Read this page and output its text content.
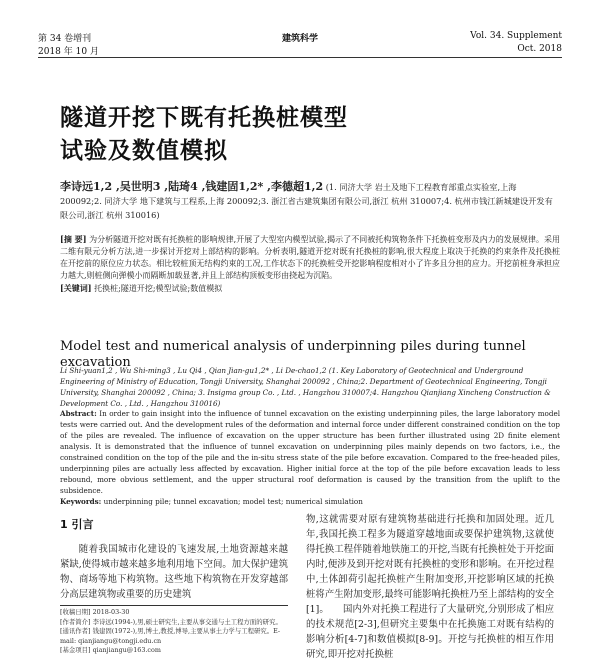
第 34 卷增刊
2018 年 10 月
建筑科学	Vol. 34. Supplement
Oct. 2018
隧道开挖下既有托换桩模型
试验及数值模拟
李诗远1,2 ,吴世明3 ,陆琦4 ,钱建固1,2* ,李德超1,2 (1. 同济大学 岩土及地下工程教育部重点实验室,上海 200092;2. 同济大学 地下建筑与工程系,上海 200092;3. 浙江省古建筑集团有限公司,浙江 杭州 310007;4. 杭州市钱江新城建设开发有限公司,浙江 杭州 310016)
[摘 要] 为分析隧道开挖对既有托换桩的影响规律,开展了大型室内模型试验,揭示了不同被托构筑物条件下托换桩变形及内力的发展规律。采用二维有限元分析方法,进一步探讨开挖对上部结构的影响。分析表明,隧道开挖对既有托换桩的影响,很大程度上取决于托换的约束条件及托换桩在开挖前的原位应力状态。相比较桩顶无结构约束的工况,工作状态下的托换桩受开挖影响程度相对小了许多且分担的应力。开挖前桩身承担应力越大,则桩侧向弹模小而隔断加载显著,并且上部结构顶板变形由挠起为沉陷。
[关键词] 托换桩;隧道开挖;模型试验;数值模拟
Model test and numerical analysis of underpinning piles during tunnel excavation
Li Shi-yuan1,2 , Wu Shi-ming3 , Lu Qi4 , Qian Jian-gu1,2* , Li De-chao1,2 (1. Key Laboratory of Geotechnical and Underground Engineering of Ministry of Education, Tongji University, Shanghai 200092 , China;2. Department of Geotechnical Engineering, Tongji University, Shanghai 200092 , China; 3. Insigma group Co. , Ltd. , Hangzhou 310007;4. Hangzhou Qianjiang Xincheng Construction & Development Co. , Ltd. , Hangzhou 310016)
Abstract: In order to gain insight into the influence of tunnel excavation on the existing underpinning piles, the large laboratory model tests were carried out. And the development rules of the deformation and internal force under different constrained condition on the top of the piles are revealed. The influence of excavation on the upper structure has been further illustrated using 2D finite element analysis. It is demonstrated that the influence of tunnel excavation on underpinning piles mainly depends on two factors, i.e., the constrained condition on the top of the pile and the in-situ stress state of the pile before excavation. Compared to the free-headed piles, underpinning piles are actually less affected by excavation. Higher initial force at the top of the pile before excavation leads to less rebound, more obvious settlement, and the upper structural roof deformation is caused by the transition from the uplift to the subsidence.
Keywords: underpinning pile; tunnel excavation; model test; numerical simulation
1 引言
随着我国城市化建设的飞速发展,土地资源越来越紧缺,使得城市越来越多地利用地下空间。加大保护建筑物、商场等地下构筑物。这些地下构筑物在开发穿越部分高层建筑物或重要的历史建筑
物,这就需要对原有建筑物基础进行托换和加固处理。近几年,我国托换工程多为隧道穿越地面或要保护建筑物,这就使得托换工程伴随着地铁施工的开挖,当既有托换桩处于开挖面内时,便涉及到开挖对既有托换桩的变形和影响。在开挖过程中,土体卸荷引起托换桩产生附加变形,开挖影响区域的托换桩将产生附加变形,最终可能影响托换桩乃至上部结构的安全[1]。　　国内外对托换工程进行了大量研究,分别形成了相应的技术规范[2-3],但研究主要集中在托换施工对既有结构的影响分析[4-7]和数值模拟[8-9]。开挖与托换桩的相互作用研究,即开挖对托换桩
[收稿日期] 2018-03-30
[作者简介] 李诗远(1994-),男,硕士研究生,主要从事交通与土工程方面的研究。
[通讯作者] 钱建固(1972-),男,博士,教授,博导,主要从事土力学与工程研究。E-mail: qianjiangu@tongji.edu.cn
[基金项目] qianjiangu@163.com
